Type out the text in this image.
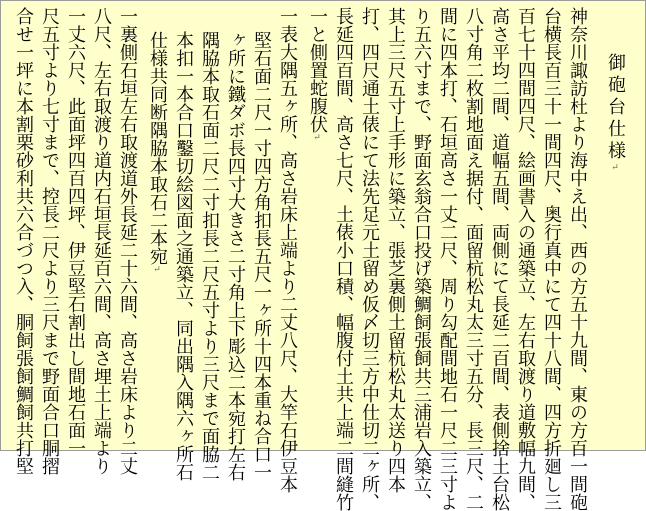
御砲台仕様↵
神奈川諏訪杜より海中え出、西の方五十九間、東の方百一間砲
台横長百三十一間四尺、奥行真中にて四十八間、四方折廻し三
百七十四間四尺、絵画書入の通築立、左右取渡り道敷幅九間、
高さ平均二間、道幅五間、両側にて長延二百間、表側捨土台松
八寸角二枚割地面え据付、面留杭松丸太三寸五分、長三尺、二
間に四本打、石垣高さ一丈二尺、周り勾配間地石一尺二三寸よ
り五六寸まで、野面玄翁合口投げ築鯛飼張飼共三浦岩入築立、
其上三尺五寸上手形に築立、張芝裏側土留杭松丸太送り四本
打、四尺通土俵にて法先足元土留め仮〆切三方中仕切二ヶ所、
長延四百間、高さ七尺、土俵小口積、幅腹付土共上端二間縫竹
一と側置蛇腹伏↵
一表大隅五ヶ所、高さ岩床上端より二丈八尺、大竿石伊豆本
堅石面二尺一寸四方角扣長五尺一ヶ所十四本重ね合口一
ヶ所に鐵ダボ長四寸大きさ二寸角上下彫込二本宛打左右
隅脇本取石面二尺二寸扣長二尺五寸より三尺まで面脇二
本扣一本合口鑿切絵図面之通築立、同出隅入隅六ヶ所石
仕様共同断隅脇本取石二本宛↵
一裏側石垣左右取渡道外長延二十六間、高さ岩床より二丈
八尺、左右取渡り道内石垣長延百六間、高さ埋土上端より
一丈六尺、此面坪四百四坪、伊豆堅石割出し間地石面一
尺五寸より七寸まで、控長二尺より三尺まで野面合口胴摺
合せ一坪に本割栗砂利共六合づつ入、胴飼張飼鯛飼共打堅
